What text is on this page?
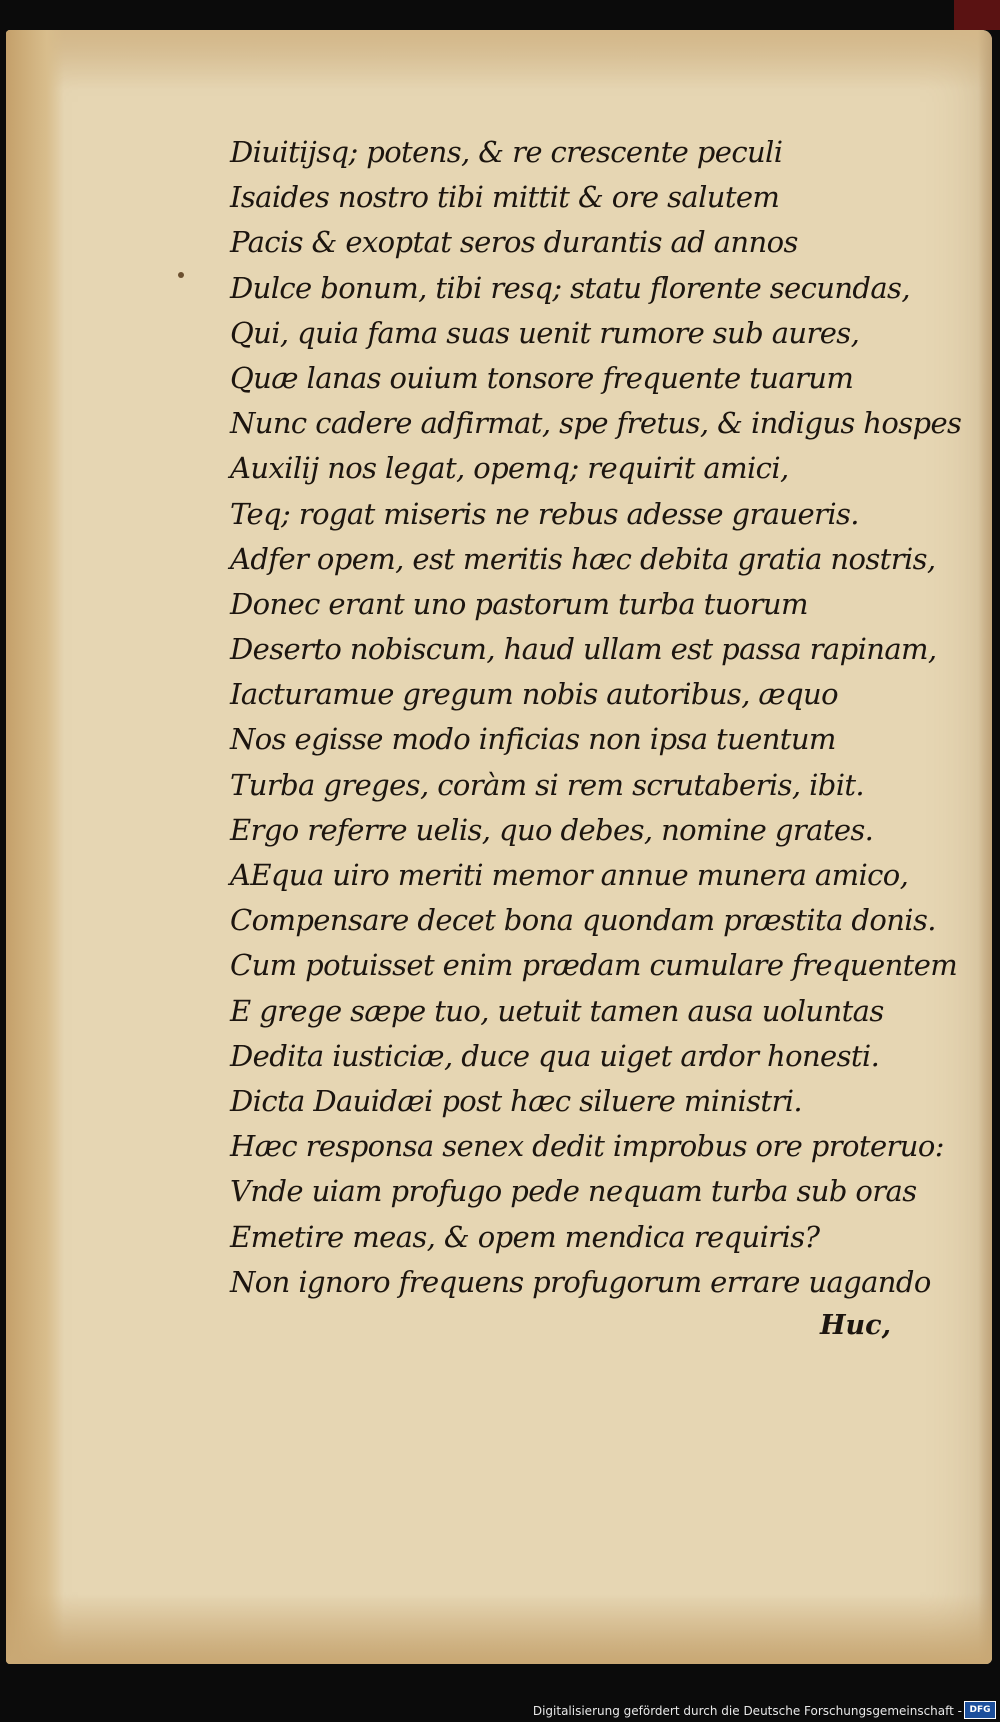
Diuitijsq; potens, & re crescente peculi
Isaides nostro tibi mittit & ore salutem
Pacis & exoptat seros durantis ad annos
Dulce bonum, tibi resq; statu florente secundas,
Qui, quia fama suas uenit rumore sub aures,
Quæ lanas ouium tonsore frequente tuarum
Nunc cadere adfirmat, spe fretus, & indigus hospes
Auxilij nos legat, opemq; requirit amici,
Teq; rogat miseris ne rebus adesse graueris.
Adfer opem, est meritis hæc debita gratia nostris,
Donec erant uno pastorum turba tuorum
Deserto nobiscum, haud ullam est passa rapinam,
Iacturamue gregum nobis autoribus, æquo
Nos egisse modo inficias non ipsa tuentum
Turba greges, coràm si rem scrutaberis, ibit.
Ergo referre uelis, quo debes, nomine grates.
AEqua uiro meriti memor annue munera amico,
Compensare decet bona quondam præstita donis.
Cum potuisset enim prædam cumulare frequentem
E grege sæpe tuo, uetuit tamen ausa uoluntas
Dedita iusticiæ, duce qua uiget ardor honesti.
Dicta Dauidæi post hæc siluere ministri.
Hæc responsa senex dedit improbus ore proteruo:
Vnde uiam profugo pede nequam turba sub oras
Emetire meas, & opem mendica requiris?
Non ignoro frequens profugorum errare uagando
Huc,
Digitalisierung gefördert durch die Deutsche Forschungsgemeinschaft - DFG
